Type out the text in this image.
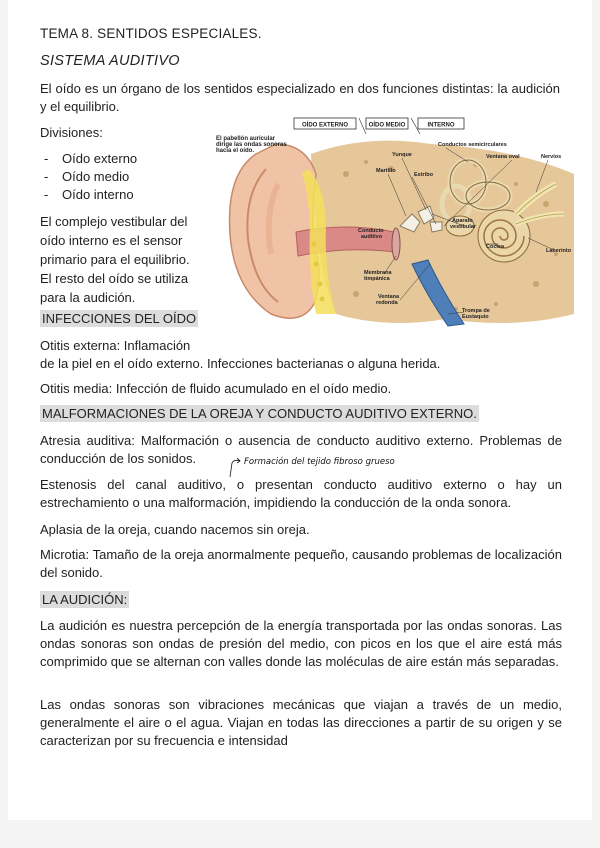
TEMA 8. SENTIDOS ESPECIALES.
SISTEMA AUDITIVO
El oído es un órgano de los sentidos especializado en dos funciones distintas: la audición y el equilibrio.
Divisiones:
- Oído externo
- Oído medio
- Oído interno
El complejo vestibular del
oído interno es el sensor
primario para el equilibrio.
El resto del oído se utiliza
para la audición.
OÍDO EXTERNO	OÍDO MEDIO	INTERNO
El pabellón auricular
dirige las ondas sonoras
hacia el oído.
Yunque
Conductos semicirculares
Martillo
Estribo
Ventana oval	Nervios
Conducto
auditivo
Aparato
vestibular
Cóclea
Laberinto
Membrana
timpánica
Ventana
redonda
Trompa de
Eustaquio
INFECCIONES DEL OÍDO
Otitis externa: Inflamación
de la piel en el oído externo. Infecciones bacterianas o alguna herida.
Otitis media: Infección de fluido acumulado en el oído medio.
MALFORMACIONES DE LA OREJA Y CONDUCTO AUDITIVO EXTERNO.
Atresia auditiva: Malformación o ausencia de conducto auditivo externo. Problemas de conducción de los sonidos.	Formación del tejido fibroso grueso
Estenosis del canal auditivo, o presentan conducto auditivo externo o hay un estrechamiento o una malformación, impidiendo la conducción de la onda sonora.
Aplasia de la oreja, cuando nacemos sin oreja.
Microtia: Tamaño de la oreja anormalmente pequeño, causando problemas de localización del sonido.
LA AUDICIÓN:
La audición es nuestra percepción de la energía transportada por las ondas sonoras. Las ondas sonoras son ondas de presión del medio, con picos en los que el aire está más comprimido que se alternan con valles donde las moléculas de aire están más separadas.
Las ondas sonoras son vibraciones mecánicas que viajan a través de un medio, generalmente el aire o el agua. Viajan en todas las direcciones a partir de su origen y se caracterizan por su frecuencia e intensidad
